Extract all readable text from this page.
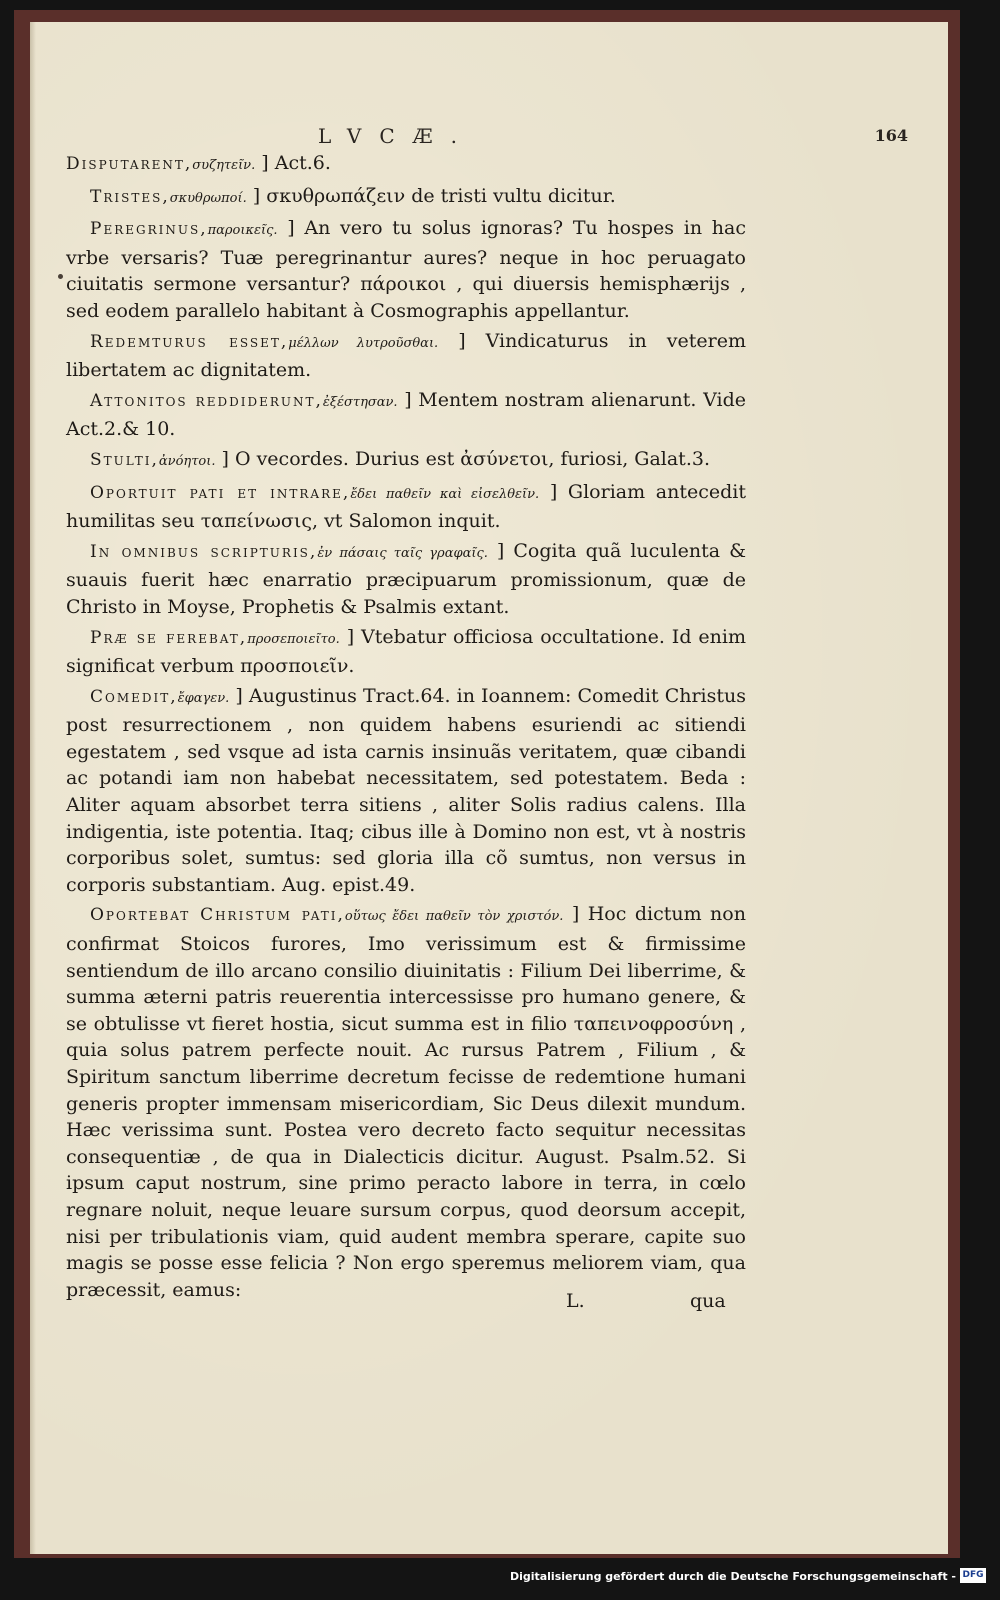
LVCÆ.	164

Disputarent,συζητεῖν. ] Act.6.

Tristes,σκυθρωποί. ] σκυθρωπάζειν de tristi vultu dicitur.

Peregrinus,παροικεῖς. ] An vero tu solus ignoras? Tu hospes in hac vrbe versaris? Tuæ peregrinantur aures? neque in hoc peruagato ciuitatis sermone versantur? πάροικοι , qui diuersis hemisphærijs , sed eodem parallelo habitant à Cosmographis appellantur.

Redemturus esset,μέλλων λυτροῦσθαι. ] Vindicaturus in veterem libertatem ac dignitatem.

Attonitos reddiderunt,ἐξέστησαν. ] Mentem nostram alienarunt. Vide Act.2.& 10.

Stulti,ἀνόητοι. ] O vecordes. Durius est ἀσύνετοι, furiosi, Galat.3.

Oportuit pati et intrare,ἔδει παθεῖν καὶ εἰσελθεῖν. ] Gloriam antecedit humilitas seu ταπείνωσις, vt Salomon inquit.

In omnibus scripturis,ἐν πάσαις ταῖς γραφαῖς. ] Cogita quã luculenta & suauis fuerit hæc enarratio præcipuarum promissionum, quæ de Christo in Moyse, Prophetis & Psalmis extant.

Præ se ferebat,προσεποιεῖτο. ] Vtebatur officiosa occultatione. Id enim significat verbum προσποιεῖν.

Comedit,ἔφαγεν. ] Augustinus Tract.64. in Ioannem: Comedit Christus post resurrectionem , non quidem habens esuriendi ac sitiendi egestatem , sed vsque ad ista carnis insinuãs veritatem, quæ cibandi ac potandi iam non habebat necessitatem, sed potestatem. Beda : Aliter aquam absorbet terra sitiens , aliter Solis radius calens. Illa indigentia, iste potentia. Itaq; cibus ille à Domino non est, vt à nostris corporibus solet, sumtus: sed gloria illa cõ sumtus, non versus in corporis substantiam. Aug. epist.49.

Oportebat Christum pati,οὕτως ἔδει παθεῖν τὸν χριστόν. ] Hoc dictum non confirmat Stoicos furores, Imo verissimum est & firmissime sentiendum de illo arcano consilio diuinitatis : Filium Dei liberrime, & summa æterni patris reuerentia intercessisse pro humano genere, & se obtulisse vt fieret hostia, sicut summa est in filio ταπεινοφροσύνη , quia solus patrem perfecte nouit. Ac rursus Patrem , Filium , & Spiritum sanctum liberrime decretum fecisse de redemtione humani generis propter immensam misericordiam, Sic Deus dilexit mundum. Hæc verissima sunt. Postea vero decreto facto sequitur necessitas consequentiæ , de qua in Dialecticis dicitur. August. Psalm.52. Si ipsum caput nostrum, sine primo peracto labore in terra, in cœlo regnare noluit, neque leuare sursum corpus, quod deorsum accepit, nisi per tribulationis viam, quid audent membra sperare, capite suo magis se posse esse felicia ? Non ergo speremus meliorem viam, qua præcessit, eamus:

L.	qua
Digitalisierung gefördert durch die Deutsche Forschungsgemeinschaft - DFG
